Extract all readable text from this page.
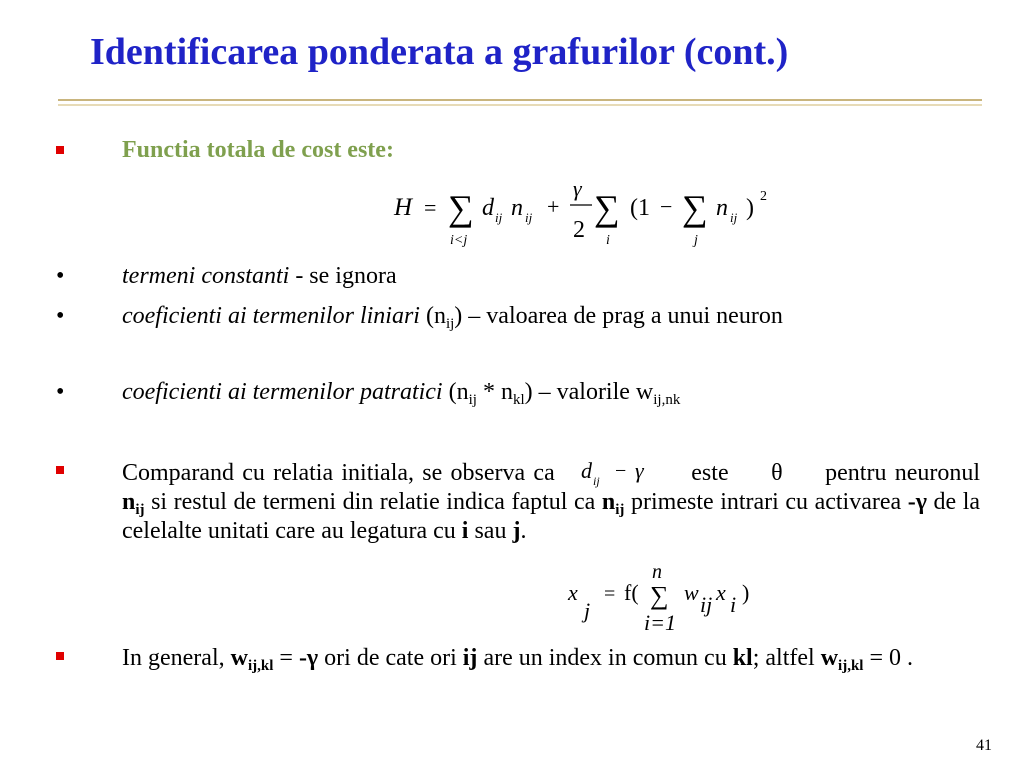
Identificarea ponderata a grafurilor (cont.)
Functia totala de cost este:
H = ∑
i<j
d ij n ij +
γ
2
∑
i
(1 − ∑
j
n ij ) 2
• termeni constanti - se ignora
• coeficienti ai termenilor liniari $(n_{ij})$ – valoarea de prag a unui neuron
• coeficienti ai termenilor patratici $(n_{ij} * n_{kl})$ – valorile $w_{ij,nk}$
Comparand cu relatia initiala, se observa ca d ij − γ este θ pentru neuronul $n_{ij}$ si restul de termeni din relatie indica faptul ca $n_{ij}$ primeste intrari cu activarea -γ de la celelalte unitati care au legatura cu i sau j.
x
j
= f(
n
∑
i=1
w ij x i )
In general, $w_{ij,kl} = -\gamma$ ori de cate ori ij are un index in comun cu kl; altfel $w_{ij,kl} = 0$ .
41
